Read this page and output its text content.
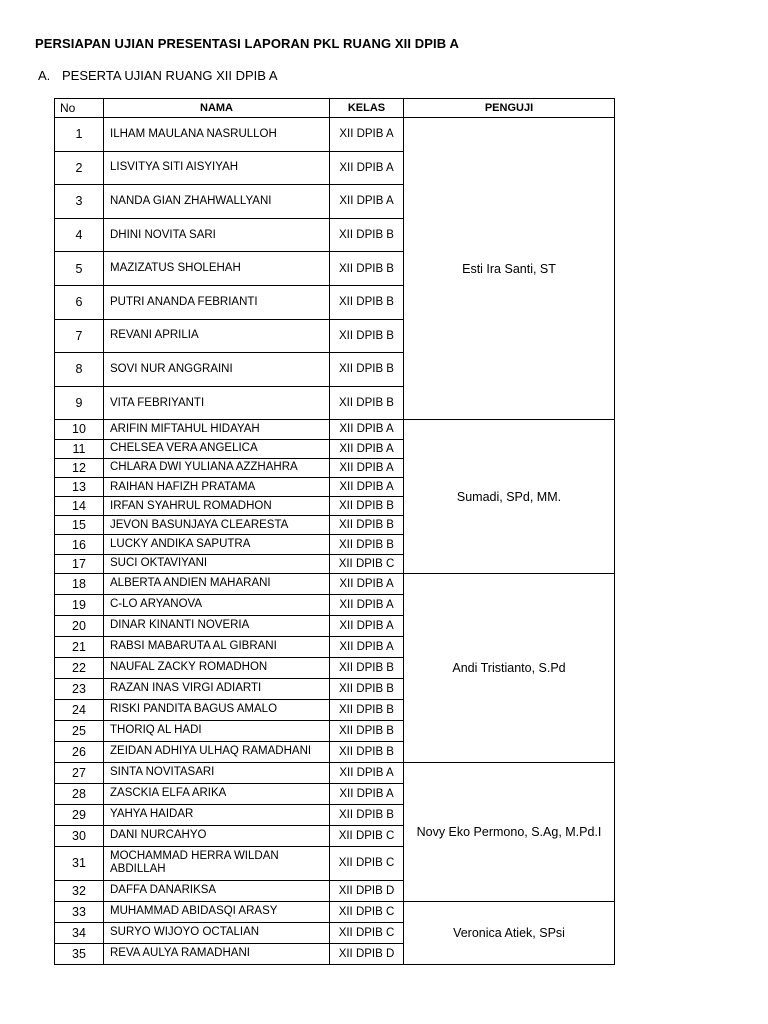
PERSIAPAN UJIAN PRESENTASI LAPORAN PKL RUANG XII DPIB A
A. PESERTA UJIAN RUANG XII DPIB A
No	NAMA	KELAS	PENGUJI
1	ILHAM MAULANA NASRULLOH	XII DPIB A	Esti Ira Santi, ST
2	LISVITYA SITI AISYIYAH	XII DPIB A	
3	NANDA GIAN ZHAHWALLYANI	XII DPIB A	
4	DHINI NOVITA SARI	XII DPIB B	
5	MAZIZATUS SHOLEHAH	XII DPIB B	
6	PUTRI ANANDA FEBRIANTI	XII DPIB B	
7	REVANI APRILIA	XII DPIB B	
8	SOVI NUR ANGGRAINI	XII DPIB B	
9	VITA FEBRIYANTI	XII DPIB B	
10	ARIFIN MIFTAHUL HIDAYAH	XII DPIB A	Sumadi, SPd, MM.
11	CHELSEA VERA ANGELICA	XII DPIB A	
12	CHLARA DWI YULIANA AZZHAHRA	XII DPIB A	
13	RAIHAN HAFIZH PRATAMA	XII DPIB A	
14	IRFAN SYAHRUL ROMADHON	XII DPIB B	
15	JEVON BASUNJAYA CLEARESTA	XII DPIB B	
16	LUCKY ANDIKA SAPUTRA	XII DPIB B	
17	SUCI OKTAVIYANI	XII DPIB C	
18	ALBERTA ANDIEN MAHARANI	XII DPIB A	Andi Tristianto, S.Pd
19	C-LO ARYANOVA	XII DPIB A	
20	DINAR KINANTI NOVERIA	XII DPIB A	
21	RABSI MABARUTA AL GIBRANI	XII DPIB A	
22	NAUFAL ZACKY ROMADHON	XII DPIB B	
23	RAZAN INAS VIRGI ADIARTI	XII DPIB B	
24	RISKI PANDITA BAGUS AMALO	XII DPIB B	
25	THORIQ AL HADI	XII DPIB B	
26	ZEIDAN ADHIYA ULHAQ RAMADHANI	XII DPIB B	
27	SINTA NOVITASARI	XII DPIB A	Novy Eko Permono, S.Ag, M.Pd.I
28	ZASCKIA ELFA ARIKA	XII DPIB A	
29	YAHYA HAIDAR	XII DPIB B	
30	DANI NURCAHYO	XII DPIB C	
31	MOCHAMMAD HERRA WILDAN ABDILLAH	XII DPIB C	
32	DAFFA DANARIKSA	XII DPIB D	
33	MUHAMMAD ABIDASQI ARASY	XII DPIB C	Veronica Atiek, SPsi
34	SURYO WIJOYO OCTALIAN	XII DPIB C	
35	REVA AULYA RAMADHANI	XII DPIB D	
